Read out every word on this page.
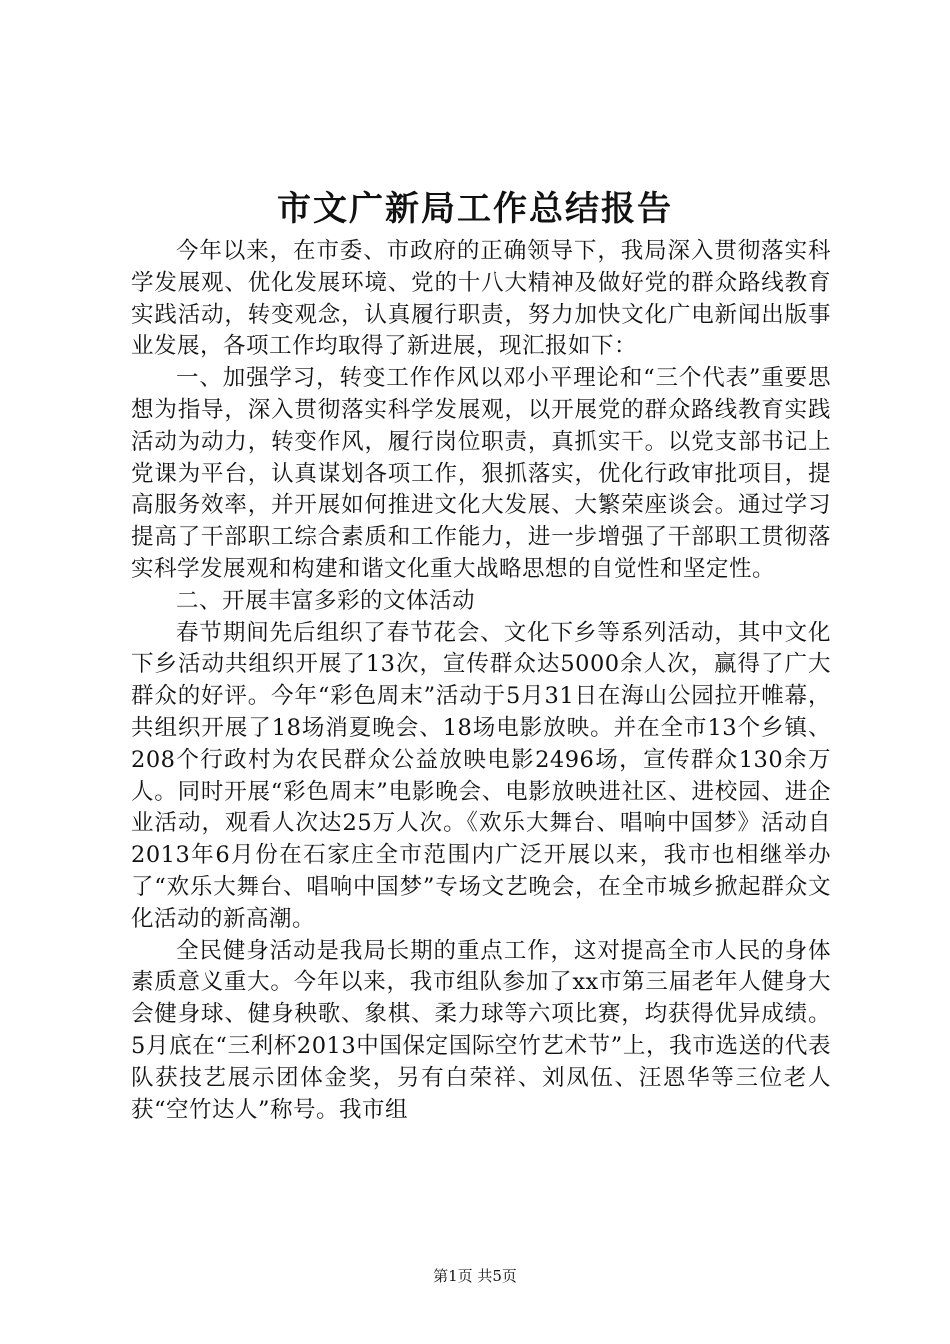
市文广新局工作总结报告

今年以来，在市委、市政府的正确领导下，我局深入贯彻落实科学发展观、优化发展环境、党的十八大精神及做好党的群众路线教育实践活动，转变观念，认真履行职责，努力加快文化广电新闻出版事业发展，各项工作均取得了新进展，现汇报如下：

一、加强学习，转变工作作风以邓小平理论和“三个代表”重要思想为指导，深入贯彻落实科学发展观，以开展党的群众路线教育实践活动为动力，转变作风，履行岗位职责，真抓实干。以党支部书记上党课为平台，认真谋划各项工作，狠抓落实，优化行政审批项目，提高服务效率，并开展如何推进文化大发展、大繁荣座谈会。通过学习提高了干部职工综合素质和工作能力，进一步增强了干部职工贯彻落实科学发展观和构建和谐文化重大战略思想的自觉性和坚定性。

二、开展丰富多彩的文体活动

春节期间先后组织了春节花会、文化下乡等系列活动，其中文化下乡活动共组织开展了13次，宣传群众达5000余人次，赢得了广大群众的好评。今年“彩色周末”活动于5月31日在海山公园拉开帷幕，共组织开展了18场消夏晚会、18场电影放映。并在全市13个乡镇、208个行政村为农民群众公益放映电影2496场，宣传群众130余万人。同时开展“彩色周末”电影晚会、电影放映进社区、进校园、进企业活动，观看人次达25万人次。《欢乐大舞台、唱响中国梦》活动自2013年6月份在石家庄全市范围内广泛开展以来，我市也相继举办了“欢乐大舞台、唱响中国梦”专场文艺晚会，在全市城乡掀起群众文化活动的新高潮。

全民健身活动是我局长期的重点工作，这对提高全市人民的身体素质意义重大。今年以来，我市组队参加了xx市第三届老年人健身大会健身球、健身秧歌、象棋、柔力球等六项比赛，均获得优异成绩。5月底在“三利杯2013中国保定国际空竹艺术节”上，我市选送的代表队获技艺展示团体金奖，另有白荣祥、刘凤伍、汪恩华等三位老人获“空竹达人”称号。我市组

第1页 共5页
